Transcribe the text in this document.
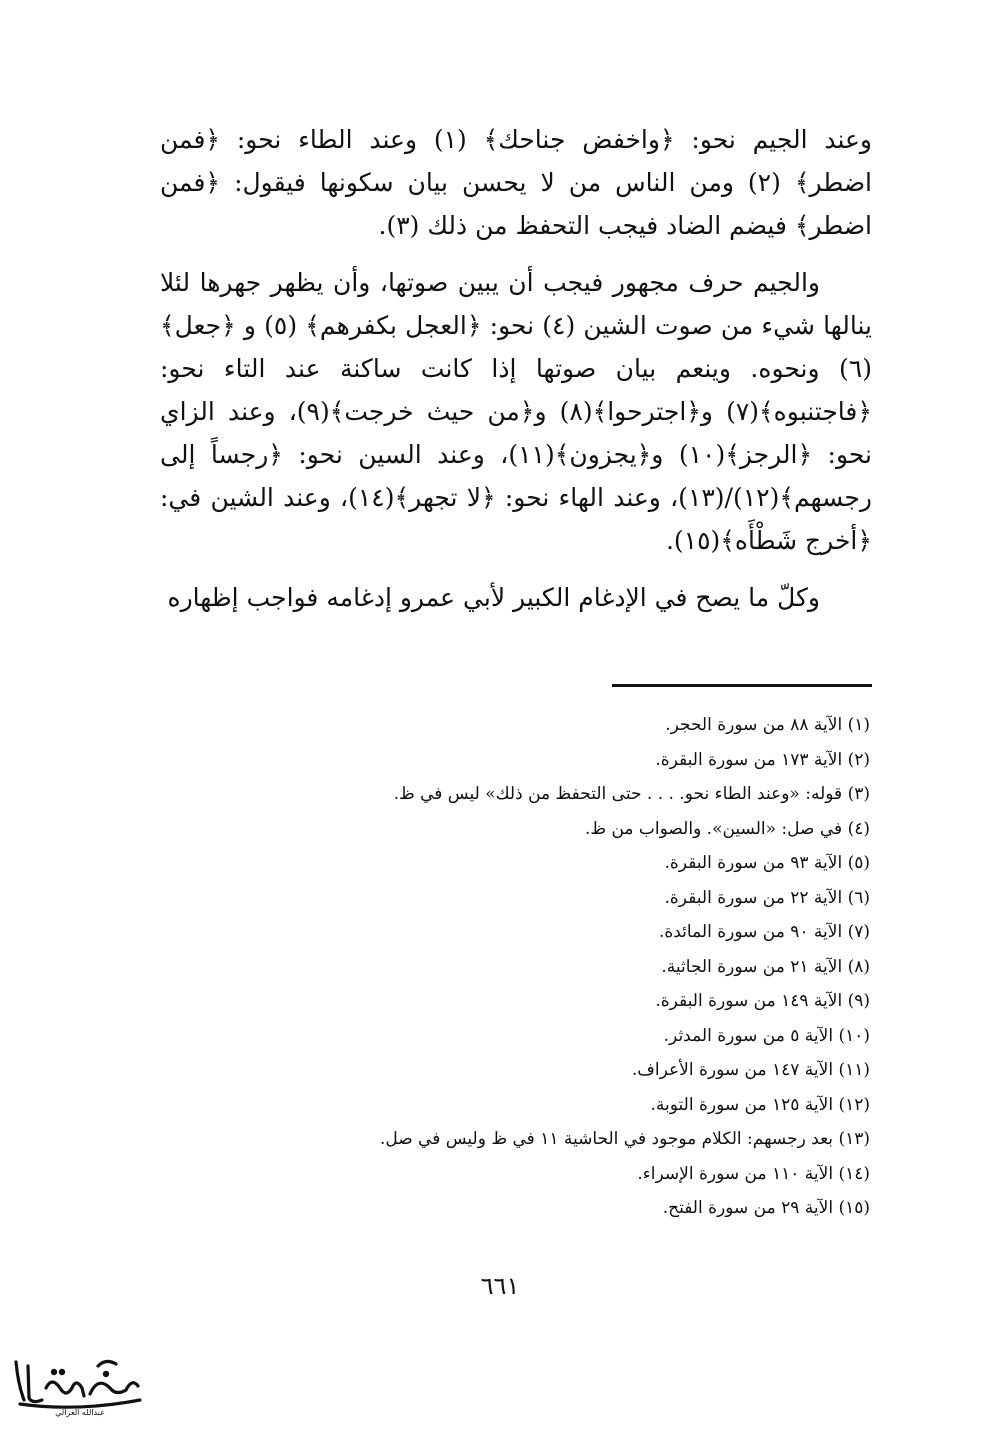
وعند الجيم نحو: ﴿واخفض جناحك﴾ (١) وعند الطاء نحو: ﴿فمن اضطر﴾ (٢) ومن الناس من لا يحسن بيان سكونها فيقول: ﴿فمن اضطر﴾ فيضم الضاد فيجب التحفظ من ذلك (٣).

والجيم حرف مجهور فيجب أن يبين صوتها، وأن يظهر جهرها لئلا ينالها شيء من صوت الشين (٤) نحو: ﴿العجل بكفرهم﴾ (٥) و ﴿جعل﴾ (٦) ونحوه. وينعم بيان صوتها إذا كانت ساكنة عند التاء نحو: ﴿فاجتنبوه﴾(٧) و﴿اجترحوا﴾(٨) و﴿من حيث خرجت﴾(٩)، وعند الزاي نحو: ﴿الرجز﴾(١٠) و﴿يجزون﴾(١١)، وعند السين نحو: ﴿رجساً إلى رجسهم﴾(١٢)/(١٣)، وعند الهاء نحو: ﴿لا تجهر﴾(١٤)، وعند الشين في: ﴿أخرج شَطْأَه﴾(١٥).

وكلّ ما يصح في الإدغام الكبير لأبي عمرو إدغامه فواجب إظهاره

(١) الآية ٨٨ من سورة الحجر.
(٢) الآية ١٧٣ من سورة البقرة.
(٣) قوله: «وعند الطاء نحو. . . . حتى التحفظ من ذلك» ليس في ظ.
(٤) في صل: «السين». والصواب من ظ.
(٥) الآية ٩٣ من سورة البقرة.
(٦) الآية ٢٢ من سورة البقرة.
(٧) الآية ٩٠ من سورة المائدة.
(٨) الآية ٢١ من سورة الجاثية.
(٩) الآية ١٤٩ من سورة البقرة.
(١٠) الآية ٥ من سورة المدثر.
(١١) الآية ١٤٧ من سورة الأعراف.
(١٢) الآية ١٢٥ من سورة التوبة.
(١٣) بعد رجسهم: الكلام موجود في الحاشية ١١ في ظ وليس في صل.
(١٤) الآية ١١٠ من سورة الإسراء.
(١٥) الآية ٢٩ من سورة الفتح.
٦٦١
عبدالله الغزالي
